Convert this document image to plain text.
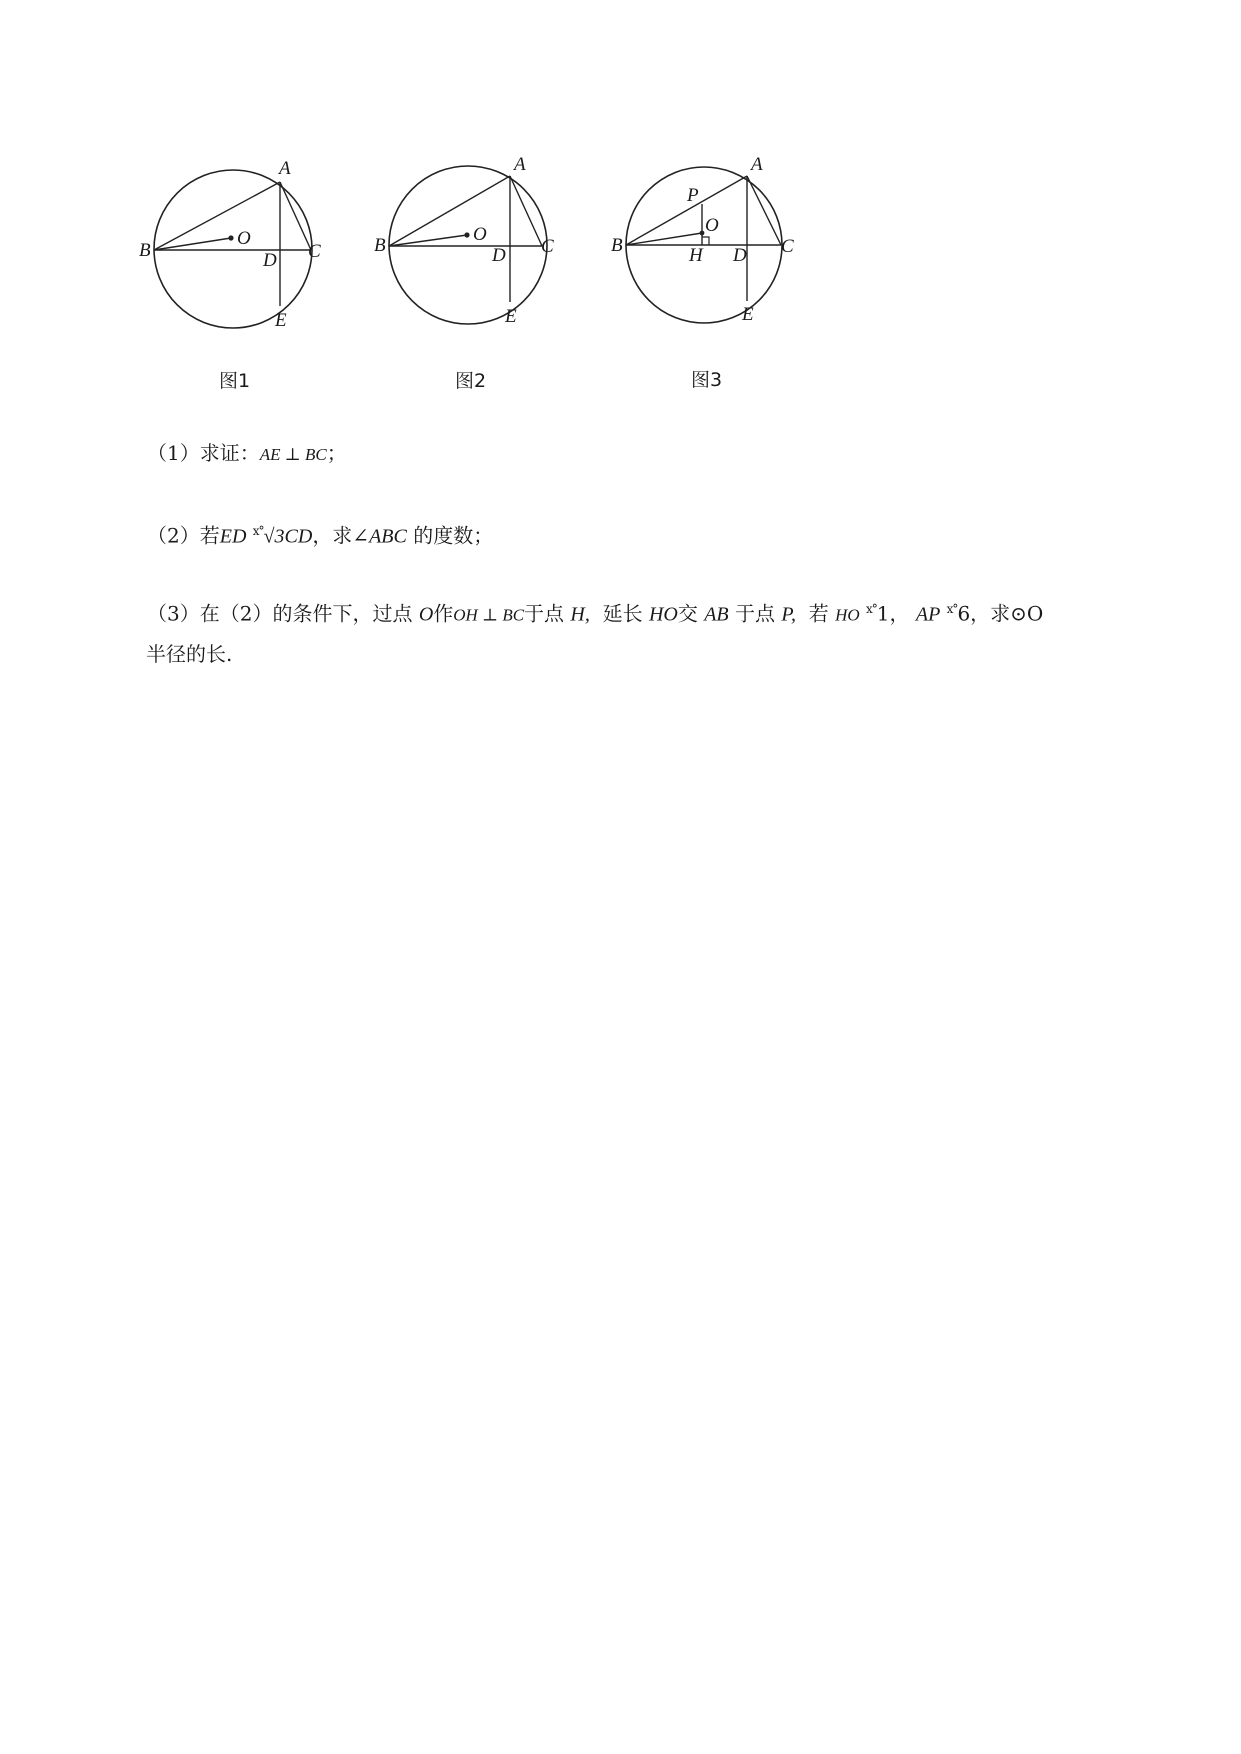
A
B	C
D
E
O
图1
A
B	C
D
E
O
图2
A
B	C
D
E
O
P
H
图3
（1）求证：AE ⊥ BC；
（2）若ED $^{x^\circ}$√3CD，求∠ABC 的度数；
（3）在（2）的条件下，过点 O作OH ⊥ BC于点 H, 延长 HO交 AB 于点 P, 若 HO $^{x^\circ}$1， AP $^{x^\circ}$6，求⊙O
半径的长.
